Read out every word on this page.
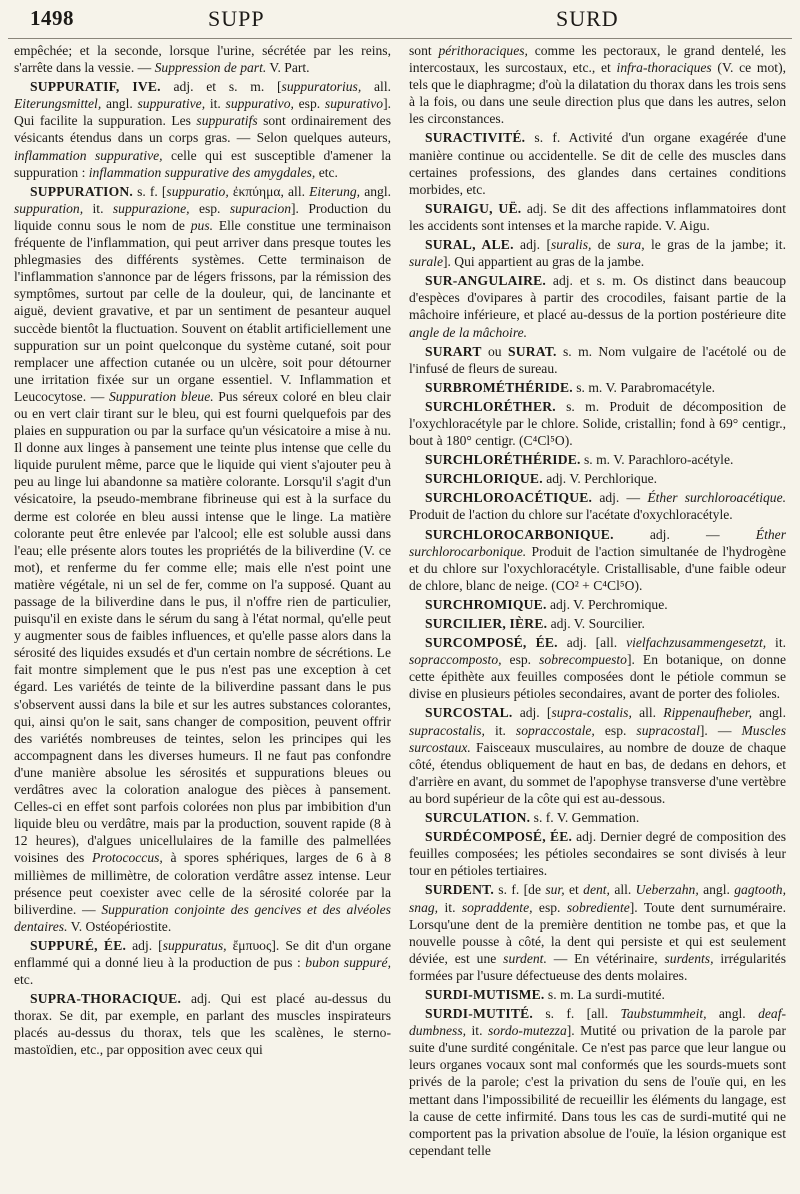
1498	SUPP	SURD

empêchée; et la seconde, lorsque l'urine, sécrétée par les reins, s'arrête dans la vessie. — Suppression de part. V. Part.

SUPPURATIF, IVE. adj. et s. m. [suppuratorius, all. Eiterungsmittel, angl. suppurative, it. suppurativo, esp. supurativo]. Qui facilite la suppuration. Les suppuratifs sont ordinairement des vésicants étendus dans un corps gras. — Selon quelques auteurs, inflammation suppurative, celle qui est susceptible d'amener la suppuration : inflammation suppurative des amygdales, etc.

SUPPURATION. s. f. [suppuratio, ἐκπύημα, all. Eiterung, angl. suppuration, it. suppurazione, esp. supuracion]. Production du liquide connu sous le nom de pus. Elle constitue une terminaison fréquente de l'inflammation, qui peut arriver dans presque toutes les phlegmasies des différents systèmes. Cette terminaison de l'inflammation s'annonce par de légers frissons, par la rémission des symptômes, surtout par celle de la douleur, qui, de lancinante et aiguë, devient gravative, et par un sentiment de pesanteur auquel succède bientôt la fluctuation. Souvent on établit artificiellement une suppuration sur un point quelconque du système cutané, soit pour remplacer une affection cutanée ou un ulcère, soit pour détourner une irritation fixée sur un organe essentiel. V. Inflammation et Leucocytose. — Suppuration bleue. Pus séreux coloré en bleu clair ou en vert clair tirant sur le bleu, qui est fourni quelquefois par des plaies en suppuration ou par la surface qu'un vésicatoire a mise à nu. Il donne aux linges à pansement une teinte plus intense que celle du liquide purulent même, parce que le liquide qui vient s'ajouter peu à peu au linge lui abandonne sa matière colorante. Lorsqu'il s'agit d'un vésicatoire, la pseudo-membrane fibrineuse qui est à la surface du derme est colorée en bleu aussi intense que le linge. La matière colorante peut être enlevée par l'alcool; elle est soluble aussi dans l'eau; elle présente alors toutes les propriétés de la biliverdine (V. ce mot), et renferme du fer comme elle; mais elle n'est point une matière végétale, ni un sel de fer, comme on l'a supposé. Quant au passage de la biliverdine dans le pus, il n'offre rien de particulier, puisqu'il en existe dans le sérum du sang à l'état normal, qu'elle peut y augmenter sous de faibles influences, et qu'elle passe alors dans la sérosité des liquides exsudés et d'un certain nombre de sécrétions. Le fait montre simplement que le pus n'est pas une exception à cet égard. Les variétés de teinte de la biliverdine passant dans le pus s'observent aussi dans la bile et sur les autres substances colorantes, qui, ainsi qu'on le sait, sans changer de composition, peuvent offrir des variétés nombreuses de teintes, selon les principes qui les accompagnent dans les diverses humeurs. Il ne faut pas confondre d'une manière absolue les sérosités et suppurations bleues ou verdâtres avec la coloration analogue des pièces à pansement. Celles-ci en effet sont parfois colorées non plus par imbibition d'un liquide bleu ou verdâtre, mais par la production, souvent rapide (8 à 12 heures), d'algues unicellulaires de la famille des palmellées voisines des Protococcus, à spores sphériques, larges de 6 à 8 millièmes de millimètre, de coloration verdâtre assez intense. Leur présence peut coexister avec celle de la sérosité colorée par la biliverdine. — Suppuration conjointe des gencives et des alvéoles dentaires. V. Ostéopériostite.

SUPPURÉ, ÉE. adj. [suppuratus, ἔμπυος]. Se dit d'un organe enflammé qui a donné lieu à la production de pus : bubon suppuré, etc.

SUPRA-THORACIQUE. adj. Qui est placé au-dessus du thorax. Se dit, par exemple, en parlant des muscles inspirateurs placés au-dessus du thorax, tels que les scalènes, le sterno-mastoïdien, etc., par opposition avec ceux qui

sont périthoraciques, comme les pectoraux, le grand dentelé, les intercostaux, les surcostaux, etc., et infra-thoraciques (V. ce mot), tels que le diaphragme; d'où la dilatation du thorax dans les trois sens à la fois, ou dans une seule direction plus que dans les autres, selon les circonstances.

SURACTIVITÉ. s. f. Activité d'un organe exagérée d'une manière continue ou accidentelle. Se dit de celle des muscles dans certaines professions, des glandes dans certaines conditions morbides, etc.

SURAIGU, UË. adj. Se dit des affections inflammatoires dont les accidents sont intenses et la marche rapide. V. Aigu.

SURAL, ALE. adj. [suralis, de sura, le gras de la jambe; it. surale]. Qui appartient au gras de la jambe.

SUR-ANGULAIRE. adj. et s. m. Os distinct dans beaucoup d'espèces d'ovipares à partir des crocodiles, faisant partie de la mâchoire inférieure, et placé au-dessus de la portion postérieure dite angle de la mâchoire.

SURART ou SURAT. s. m. Nom vulgaire de l'acétolé ou de l'infusé de fleurs de sureau.

SURBROMÉTHÉRIDE. s. m. V. Parabromacétyle.

SURCHLORÉTHER. s. m. Produit de décomposition de l'oxychloracétyle par le chlore. Solide, cristallin; fond à 69° centigr., bout à 180° centigr. (C⁴Cl⁵O).

SURCHLORÉTHÉRIDE. s. m. V. Parachloro-acétyle.

SURCHLORIQUE. adj. V. Perchlorique.

SURCHLOROACÉTIQUE. adj. — Éther surchloroacétique. Produit de l'action du chlore sur l'acétate d'oxychloracétyle.

SURCHLOROCARBONIQUE. adj. — Éther surchlorocarbonique. Produit de l'action simultanée de l'hydrogène et du chlore sur l'oxychloracétyle. Cristallisable, d'une faible odeur de chlore, blanc de neige. (CO² + C⁴Cl⁵O).

SURCHROMIQUE. adj. V. Perchromique.

SURCILIER, IÈRE. adj. V. Sourcilier.

SURCOMPOSÉ, ÉE. adj. [all. vielfachzusammengesetzt, it. sopraccomposto, esp. sobrecompuesto]. En botanique, on donne cette épithète aux feuilles composées dont le pétiole commun se divise en plusieurs pétioles secondaires, avant de porter des folioles.

SURCOSTAL. adj. [supra-costalis, all. Rippenaufheber, angl. supracostalis, it. sopraccostale, esp. supracostal]. — Muscles surcostaux. Faisceaux musculaires, au nombre de douze de chaque côté, étendus obliquement de haut en bas, de dedans en dehors, et d'arrière en avant, du sommet de l'apophyse transverse d'une vertèbre au bord supérieur de la côte qui est au-dessous.

SURCULATION. s. f. V. Gemmation.

SURDÉCOMPOSÉ, ÉE. adj. Dernier degré de composition des feuilles composées; les pétioles secondaires se sont divisés à leur tour en pétioles tertiaires.

SURDENT. s. f. [de sur, et dent, all. Ueberzahn, angl. gagtooth, snag, it. sopraddente, esp. sobrediente]. Toute dent surnuméraire. Lorsqu'une dent de la première dentition ne tombe pas, et que la nouvelle pousse à côté, la dent qui persiste et qui est seulement déviée, est une surdent. — En vétérinaire, surdents, irrégularités formées par l'usure défectueuse des dents molaires.

SURDI-MUTISME. s. m. La surdi-mutité.

SURDI-MUTITÉ. s. f. [all. Taubstummheit, angl. deaf-dumbness, it. sordo-mutezza]. Mutité ou privation de la parole par suite d'une surdité congénitale. Ce n'est pas parce que leur langue ou leurs organes vocaux sont mal conformés que les sourds-muets sont privés de la parole; c'est la privation du sens de l'ouïe qui, en les mettant dans l'impossibilité de recueillir les éléments du langage, est la cause de cette infirmité. Dans tous les cas de surdi-mutité qui ne comportent pas la privation absolue de l'ouïe, la lésion organique est cependant telle
